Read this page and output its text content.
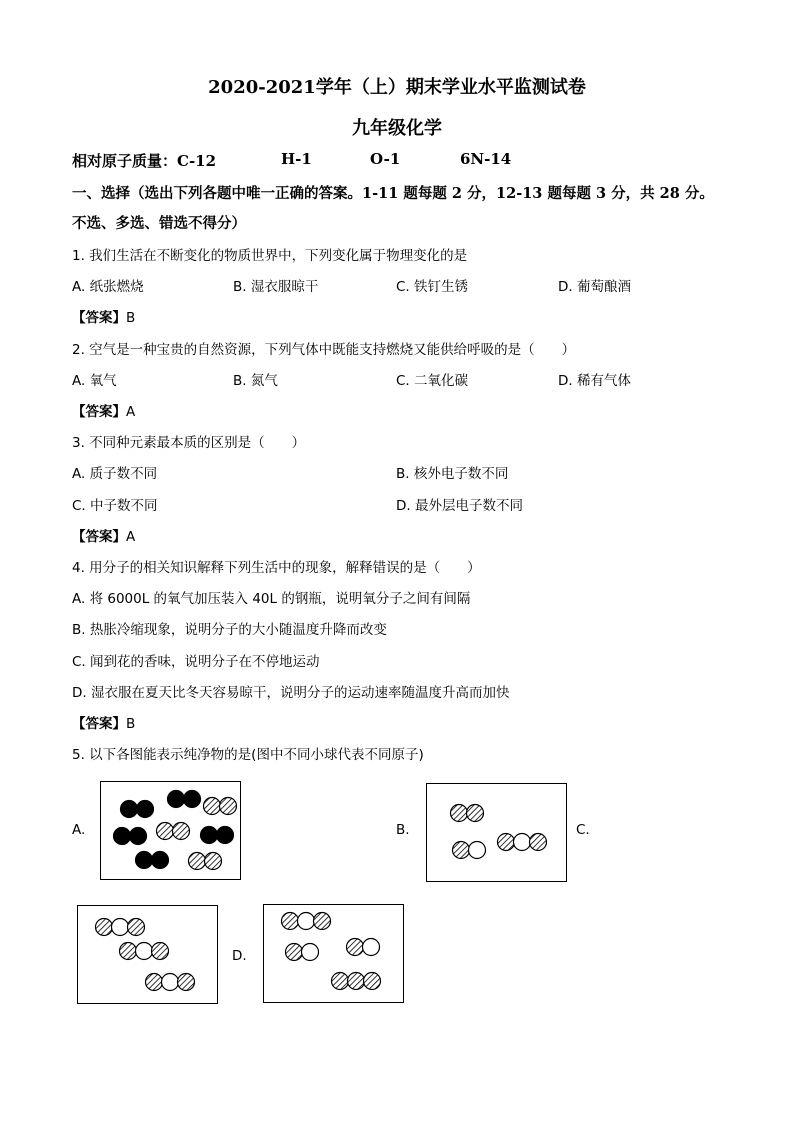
2020-2021学年（上）期末学业水平监测试卷
九年级化学
相对原子质量：C-12	H-1	O-1	6N-14
一、选择（选出下列各题中唯一正确的答案。1-11 题每题 2 分，12-13 题每题 3 分，共 28 分。
不选、多选、错选不得分）
1. 我们生活在不断变化的物质世界中，下列变化属于物理变化的是
A. 纸张燃烧	B. 湿衣服晾干	C. 铁钉生锈	D. 葡萄酿酒
【答案】B
2. 空气是一种宝贵的自然资源，下列气体中既能支持燃烧又能供给呼吸的是（　　）
A. 氧气	B. 氮气	C. 二氧化碳	D. 稀有气体
【答案】A
3. 不同种元素最本质的区别是（　　）
A. 质子数不同	B. 核外电子数不同
C. 中子数不同	D. 最外层电子数不同
【答案】A
4. 用分子的相关知识解释下列生活中的现象，解释错误的是（　　）
A. 将 6000L 的氧气加压装入 40L 的钢瓶，说明氧分子之间有间隔
B. 热胀冷缩现象，说明分子的大小随温度升降而改变
C. 闻到花的香味，说明分子在不停地运动
D. 湿衣服在夏天比冬天容易晾干，说明分子的运动速率随温度升高而加快
【答案】B
5. 以下各图能表示纯净物的是(图中不同小球代表不同原子)
A.	B.	C.
D.
